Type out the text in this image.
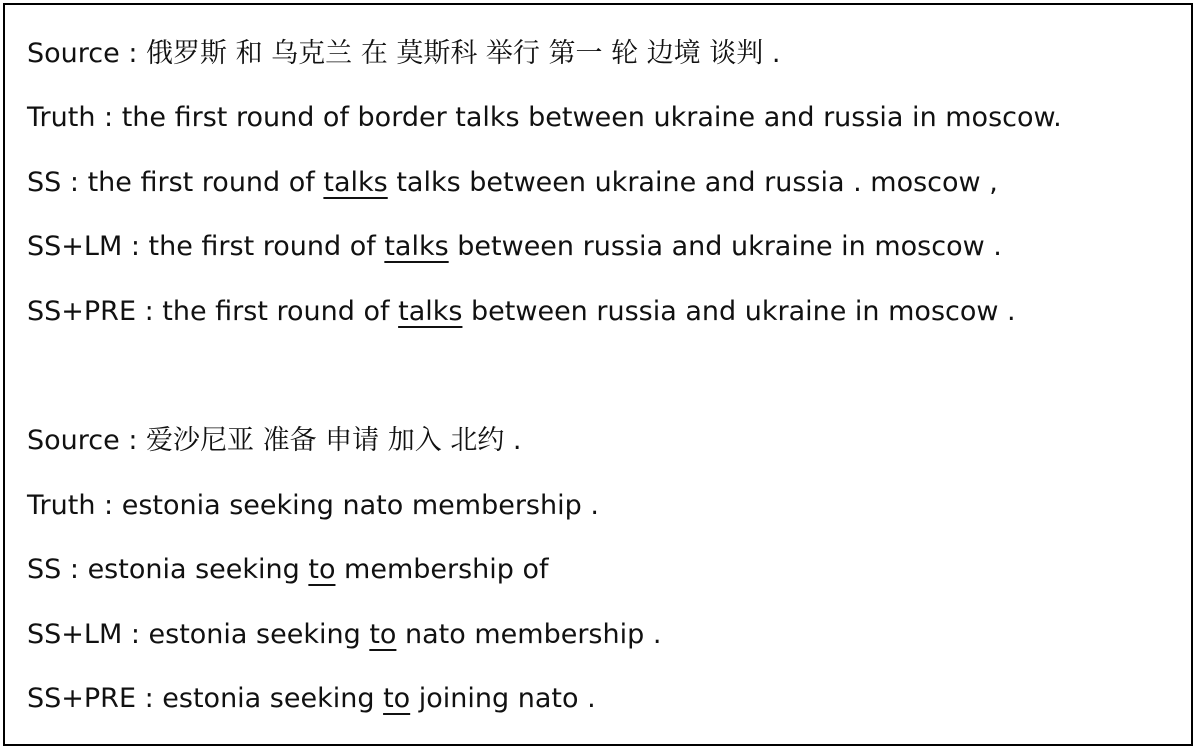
Source : 俄罗斯 和 乌克兰 在 莫斯科 举行 第一 轮 边境 谈判 .
Truth : the first round of border talks between ukraine and russia in moscow.
SS : the first round of talks talks between ukraine and russia . moscow ,
SS+LM : the first round of talks between russia and ukraine in moscow .
SS+PRE : the first round of talks between russia and ukraine in moscow .
Source : 爱沙尼亚 准备 申请 加入 北约 .
Truth : estonia seeking nato membership .
SS : estonia seeking to membership of
SS+LM : estonia seeking to nato membership .
SS+PRE : estonia seeking to joining nato .
